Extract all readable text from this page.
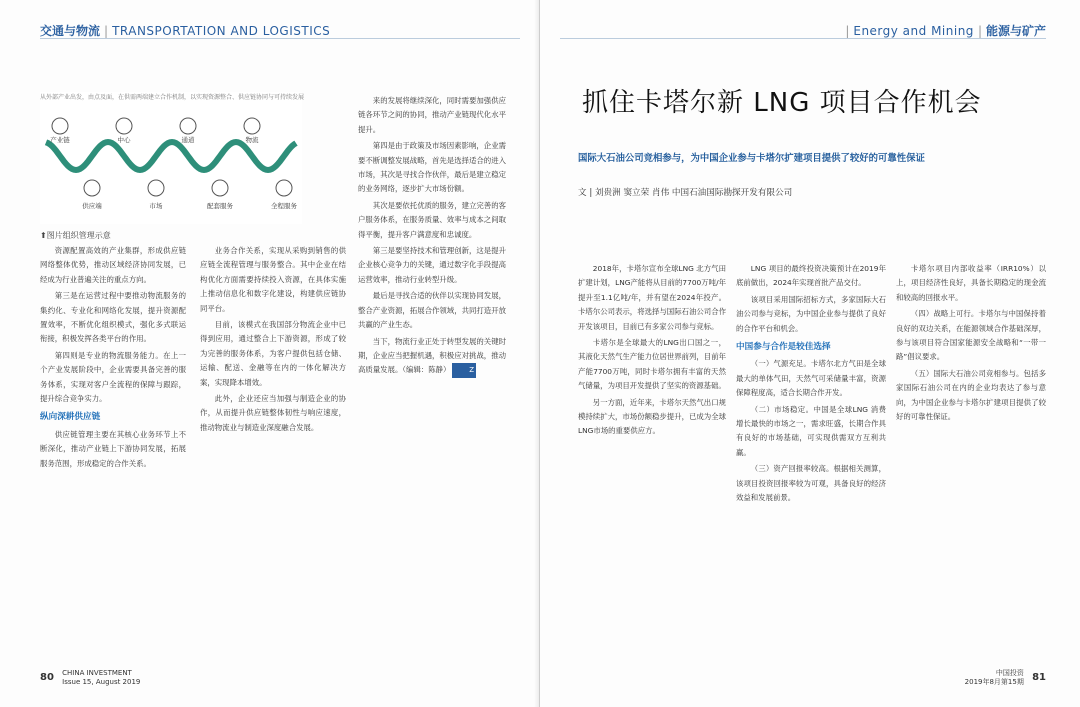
交通与物流 | TRANSPORTATION AND LOGISTICS
从外部产业出发，由点及面，在供需两端建立合作机制，以实现资源整合、供应链协同与可持续发展
产业链
供应端
中心
市场
通道
配套服务
物流
全程服务
⬆图片组织管理示意

资源配置高效的产业集群，形成供应链网络整体优势，推动区域经济协同发展，已经成为行业普遍关注的重点方向。

第三是在运营过程中要推动物流服务的集约化、专业化和网络化发展，提升资源配置效率，不断优化组织模式，强化多式联运衔接，积极发挥各类平台的作用。

第四则是专业的物流服务能力。在上一个产业发展阶段中，企业需要具备完善的服务体系，实现对客户全流程的保障与跟踪，提升综合竞争实力。

纵向深耕供应链

供应链管理主要在其核心业务环节上不断深化，推动产业链上下游协同发展，拓展服务范围，形成稳定的合作关系。

业务合作关系，实现从采购到销售的供应链全流程管理与服务整合。其中企业在结构优化方面需要持续投入资源，在具体实施上推动信息化和数字化建设，构建供应链协同平台。

目前，该模式在我国部分物流企业中已得到应用，通过整合上下游资源，形成了较为完善的服务体系，为客户提供包括仓储、运输、配送、金融等在内的一体化解决方案，实现降本增效。

此外，企业还应当加强与制造企业的协作，从而提升供应链整体韧性与响应速度，推动物流业与制造业深度融合发展。

来的发展将继续深化，同时需要加强供应链各环节之间的协同，推动产业链现代化水平提升。

第四是由于政策及市场因素影响，企业需要不断调整发展战略，首先是选择适合的进入市场，其次是寻找合作伙伴，最后是建立稳定的业务网络，逐步扩大市场份额。

其次是要依托优质的服务，建立完善的客户服务体系，在服务质量、效率与成本之间取得平衡，提升客户满意度和忠诚度。

第三是要坚持技术和管理创新，这是提升企业核心竞争力的关键，通过数字化手段提高运营效率，推动行业转型升级。

最后是寻找合适的伙伴以实现协同发展，整合产业资源，拓展合作领域，共同打造开放共赢的产业生态。

当下，物流行业正处于转型发展的关键时期，企业应当把握机遇，积极应对挑战，推动高质量发展。（编辑：陈静）	Z

80 CHINA INVESTMENT
Issue 15, August 2019
| Energy and Mining | 能源与矿产

2018年，卡塔尔宣布全球LNG 北方气田扩建计划，LNG产能将从目前的7700万吨/年提升至1.1亿吨/年，并有望在2024年投产。卡塔尔公司表示，将选择与国际石油公司合作开发该项目，目前已有多家公司参与竞标。

卡塔尔是全球最大的LNG出口国之一，其液化天然气生产能力位居世界前列，目前年产能7700万吨，同时卡塔尔拥有丰富的天然气储量，为项目开发提供了坚实的资源基础。

另一方面，近年来，卡塔尔天然气出口规模持续扩大，市场份额稳步提升，已成为全球LNG市场的重要供应方。

LNG 项目的最终投资决策预计在2019年底前做出，2024年实现首批产品交付。

该项目采用国际招标方式，多家国际大石油公司参与竞标，为中国企业参与提供了良好的合作平台和机会。

中国参与合作是较佳选择

（一）气源充足。卡塔尔北方气田是全球最大的单体气田，天然气可采储量丰富，资源保障程度高，适合长期合作开发。

（二）市场稳定。中国是全球LNG 消费增长最快的市场之一，需求旺盛，长期合作具有良好的市场基础，可实现供需双方互利共赢。

（三）资产回报率较高。根据相关测算，该项目投资回报率较为可观，具备良好的经济效益和发展前景。

卡塔尔项目内部收益率（IRR10%）以上，项目经济性良好，具备长期稳定的现金流和较高的回报水平。

（四）战略上可行。卡塔尔与中国保持着良好的双边关系，在能源领域合作基础深厚，参与该项目符合国家能源安全战略和“一带一路”倡议要求。

（五）国际大石油公司竞相参与。包括多家国际石油公司在内的企业均表达了参与意向，为中国企业参与卡塔尔扩建项目提供了较好的可靠性保证。

中国投资
2019年8月第15期 81
抓住卡塔尔新 LNG 项目合作机会
国际大石油公司竞相参与，为中国企业参与卡塔尔扩建项目提供了较好的可靠性保证
文 | 刘贵洲 窦立荣 肖伟 中国石油国际勘探开发有限公司
